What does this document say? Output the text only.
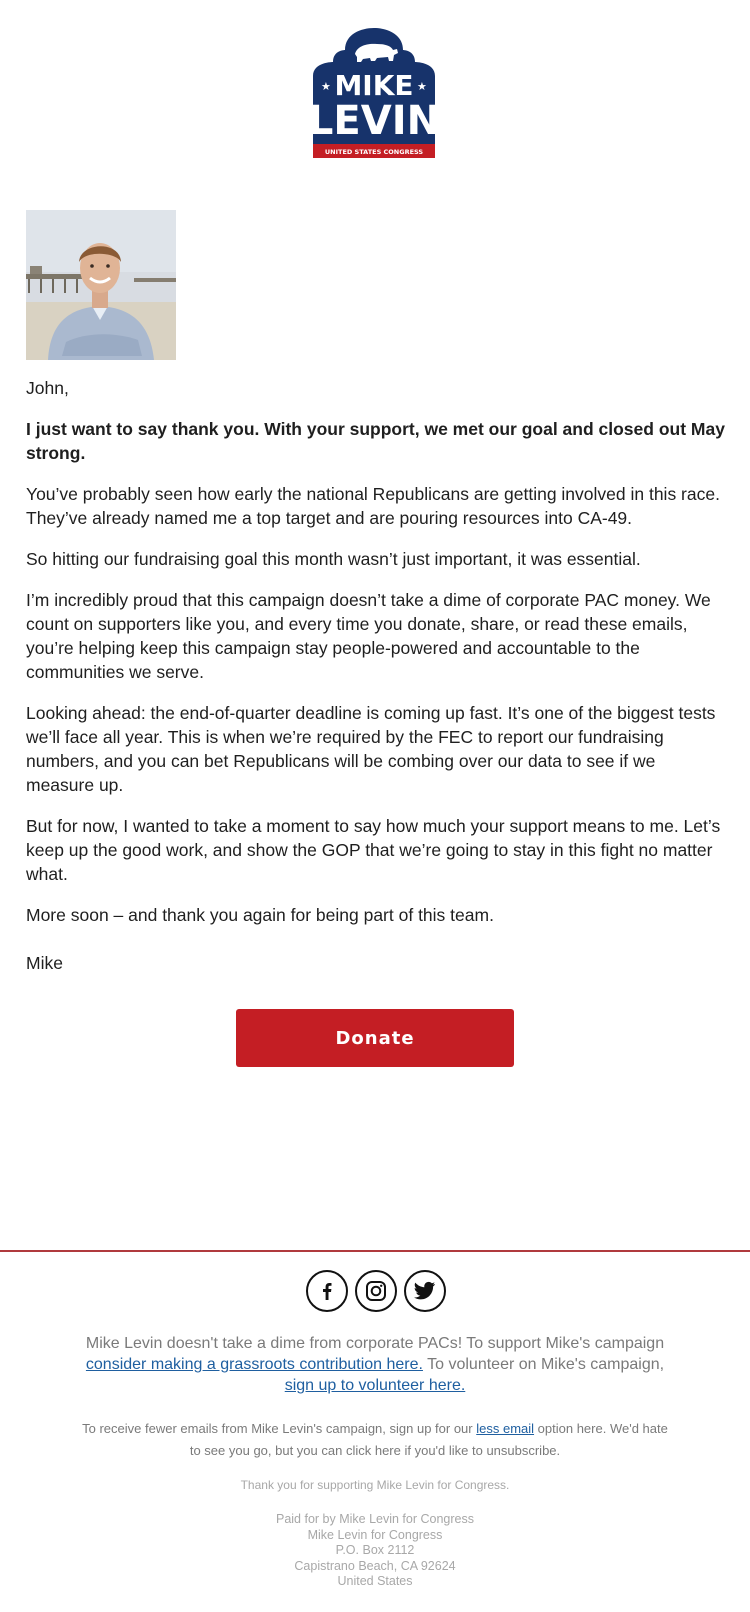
★	★
MIKE
LEVIN
UNITED STATES CONGRESS

John,

I just want to say thank you. With your support, we met our goal and closed out May strong.

You’ve probably seen how early the national Republicans are getting involved in this race. They’ve already named me a top target and are pouring resources into CA-49.

So hitting our fundraising goal this month wasn’t just important, it was essential.

I’m incredibly proud that this campaign doesn’t take a dime of corporate PAC money. We count on supporters like you, and every time you donate, share, or read these emails, you’re helping keep this campaign stay people-powered and accountable to the communities we serve.

Looking ahead: the end-of-quarter deadline is coming up fast. It’s one of the biggest tests we’ll face all year. This is when we’re required by the FEC to report our fundraising numbers, and you can bet Republicans will be combing over our data to see if we measure up.

But for now, I wanted to take a moment to say how much your support means to me. Let’s keep up the good work, and show the GOP that we’re going to stay in this fight no matter what.

More soon – and thank you again for being part of this team.

Mike

Donate
Mike Levin doesn't take a dime from corporate PACs! To support Mike's campaign consider making a grassroots contribution here. To volunteer on Mike's campaign, sign up to volunteer here.
To receive fewer emails from Mike Levin's campaign, sign up for our less email option here. We'd hate to see you go, but you can click here if you'd like to unsubscribe.
Thank you for supporting Mike Levin for Congress.
Paid for by Mike Levin for Congress
Mike Levin for Congress
P.O. Box 2112
Capistrano Beach, CA 92624
United States
